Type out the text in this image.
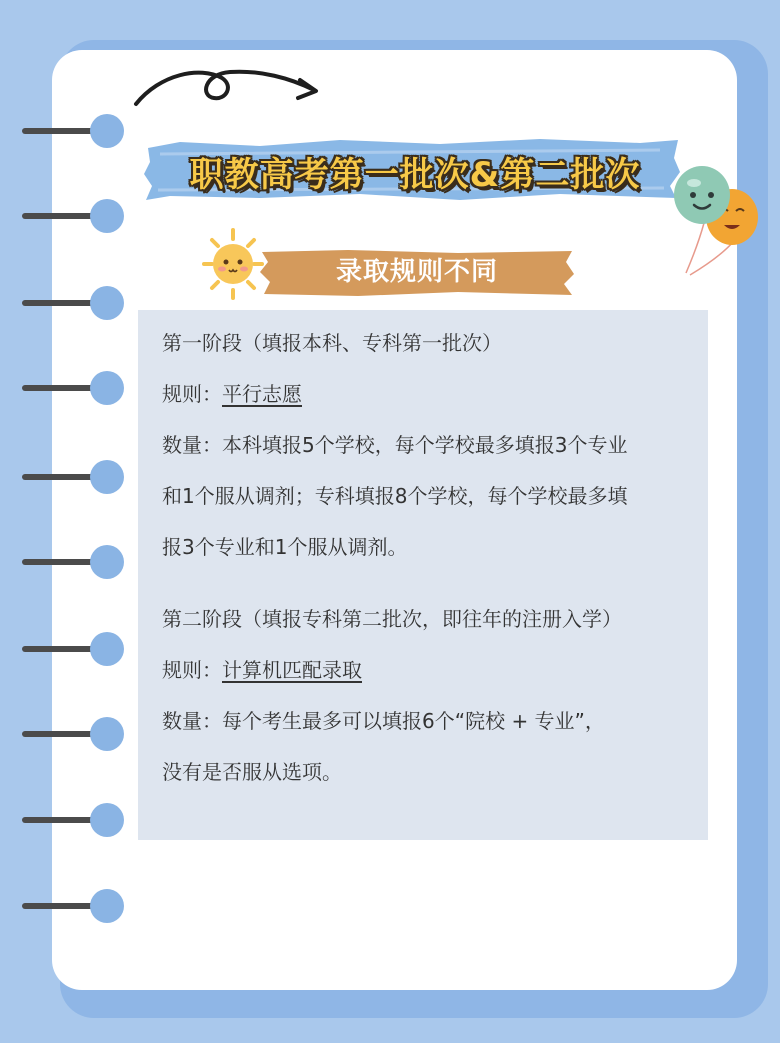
职教高考第一批次&第二批次
录取规则不同

第一阶段（填报本科、专科第一批次）

规则：平行志愿

数量：本科填报5个学校，每个学校最多填报3个专业

和1个服从调剂；专科填报8个学校，每个学校最多填

报3个专业和1个服从调剂。

第二阶段（填报专科第二批次，即往年的注册入学）

规则：计算机匹配录取

数量：每个考生最多可以填报6个“院校 + 专业”，

没有是否服从选项。
